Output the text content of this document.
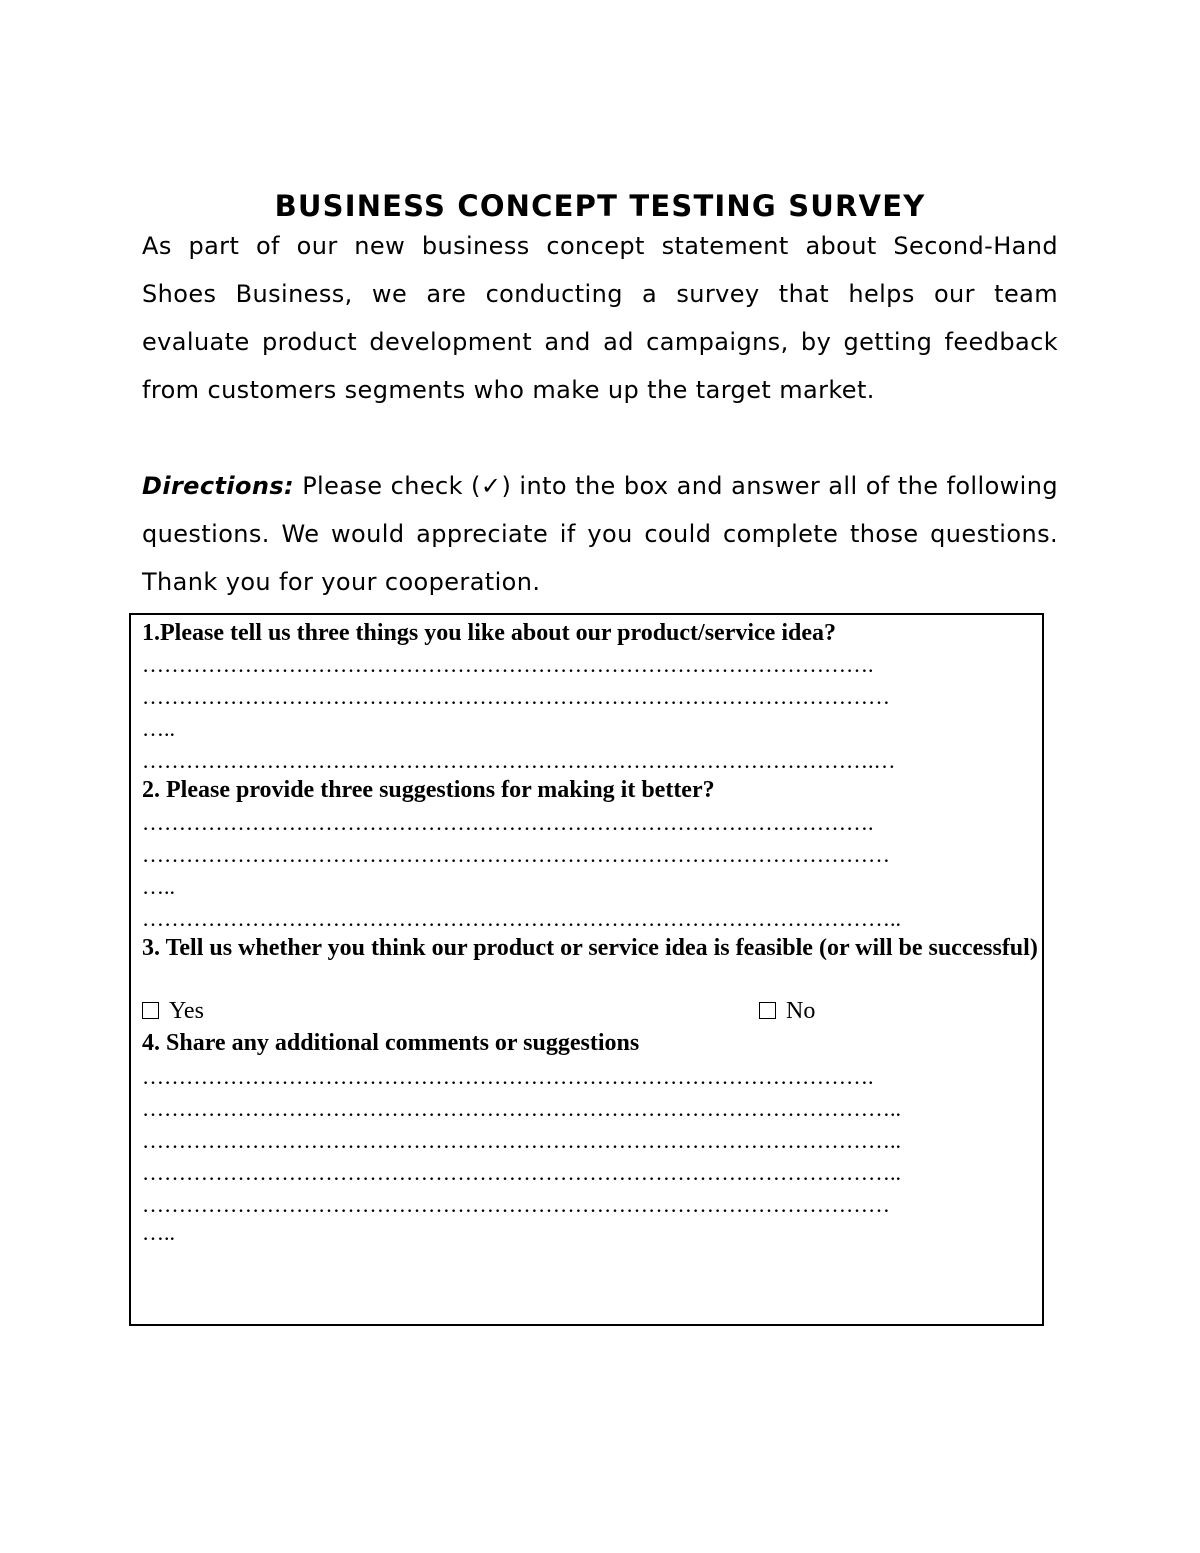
BUSINESS CONCEPT TESTING SURVEY

As part of our new business concept statement about Second-Hand Shoes Business, we are conducting a survey that helps our team evaluate product development and ad campaigns, by getting feedback from customers segments who make up the target market.

Directions: Please check (✓) into the box and answer all of the following questions. We would appreciate if you could complete those questions. Thank you for your cooperation.

1.Please tell us three things you like about our product/service idea?

……………………………………………………………………………………….

…………………………………………………………………………………………

…..

……………………………………………………………………………………….…

2. Please provide three suggestions for making it better?

……………………………………………………………………………………….

…………………………………………………………………………………………

…..

…………………………………………………………………………………………..

3. Tell us whether you think our product or service idea is feasible (or will be successful)

Yes	No

4. Share any additional comments or suggestions

……………………………………………………………………………………….

…………………………………………………………………………………………..

…………………………………………………………………………………………..

…………………………………………………………………………………………..

…………………………………………………………………………………………

…..
